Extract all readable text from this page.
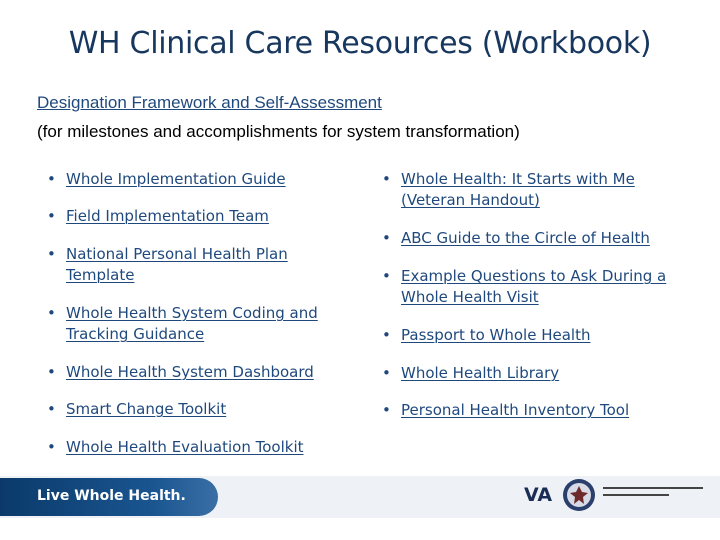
WH Clinical Care Resources (Workbook)
Designation Framework and Self-Assessment
(for milestones and accomplishments for system transformation)
• Whole Implementation Guide
• Field Implementation Team
• National Personal Health Plan Template
• Whole Health System Coding and Tracking Guidance
• Whole Health System Dashboard
• Smart Change Toolkit
• Whole Health Evaluation Toolkit
• Whole Health: It Starts with Me (Veteran Handout)
• ABC Guide to the Circle of Health
• Example Questions to Ask During a Whole Health Visit
• Passport to Whole Health
• Whole Health Library
• Personal Health Inventory Tool
Live Whole Health.	VA
